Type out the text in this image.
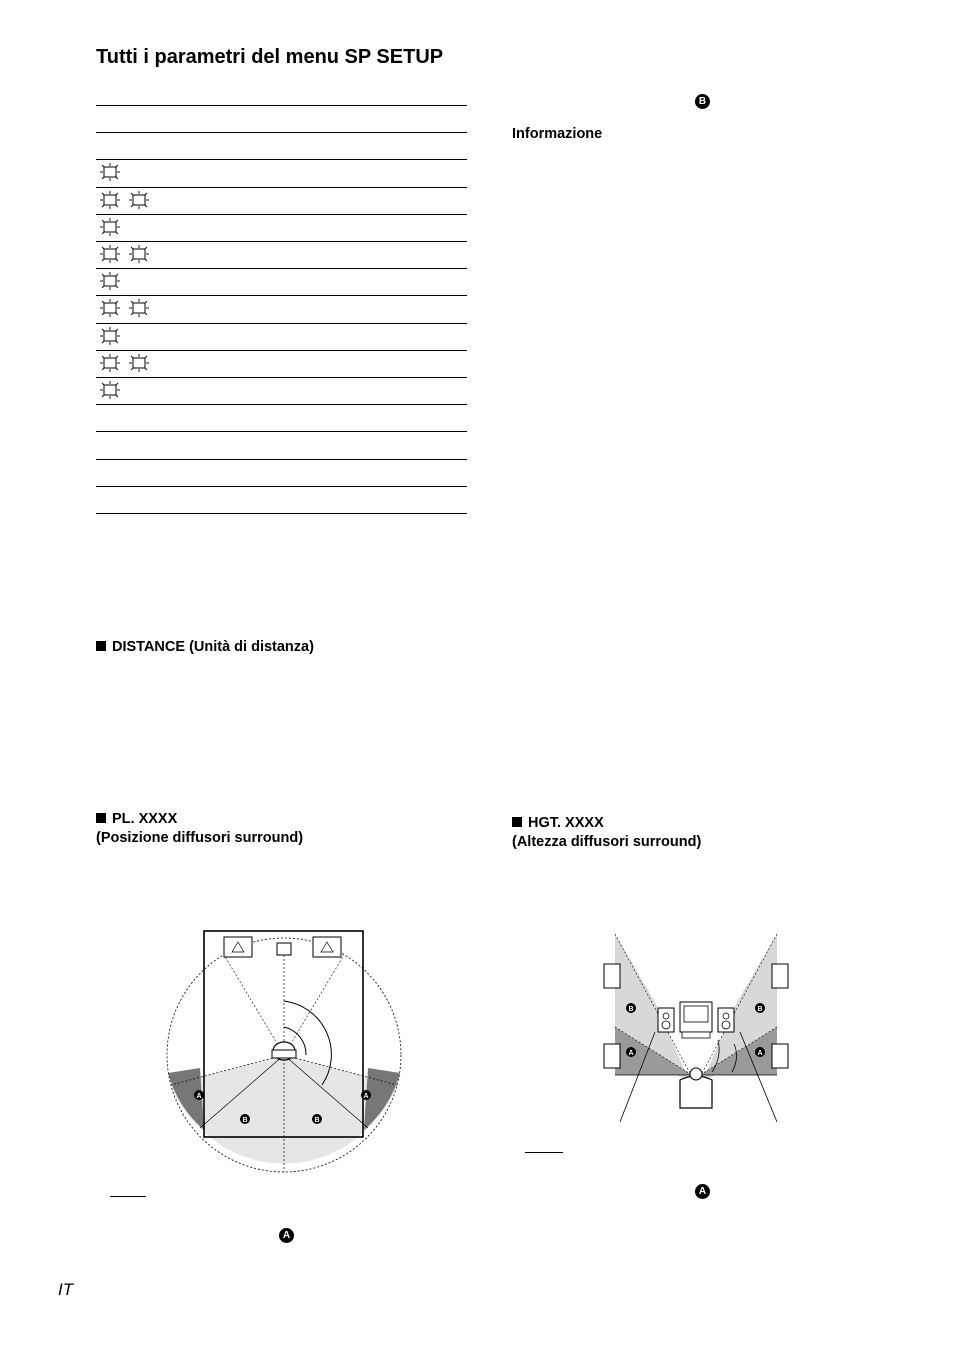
Tutti i parametri del menu SP SETUP
B
Informazione
DISTANCE (Unità di distanza)
PL. XXXX
(Posizione diffusori surround)
HGT. XXXX
(Altezza diffusori surround)
A	A
B	B
A
B	B
A	A
A
IT
